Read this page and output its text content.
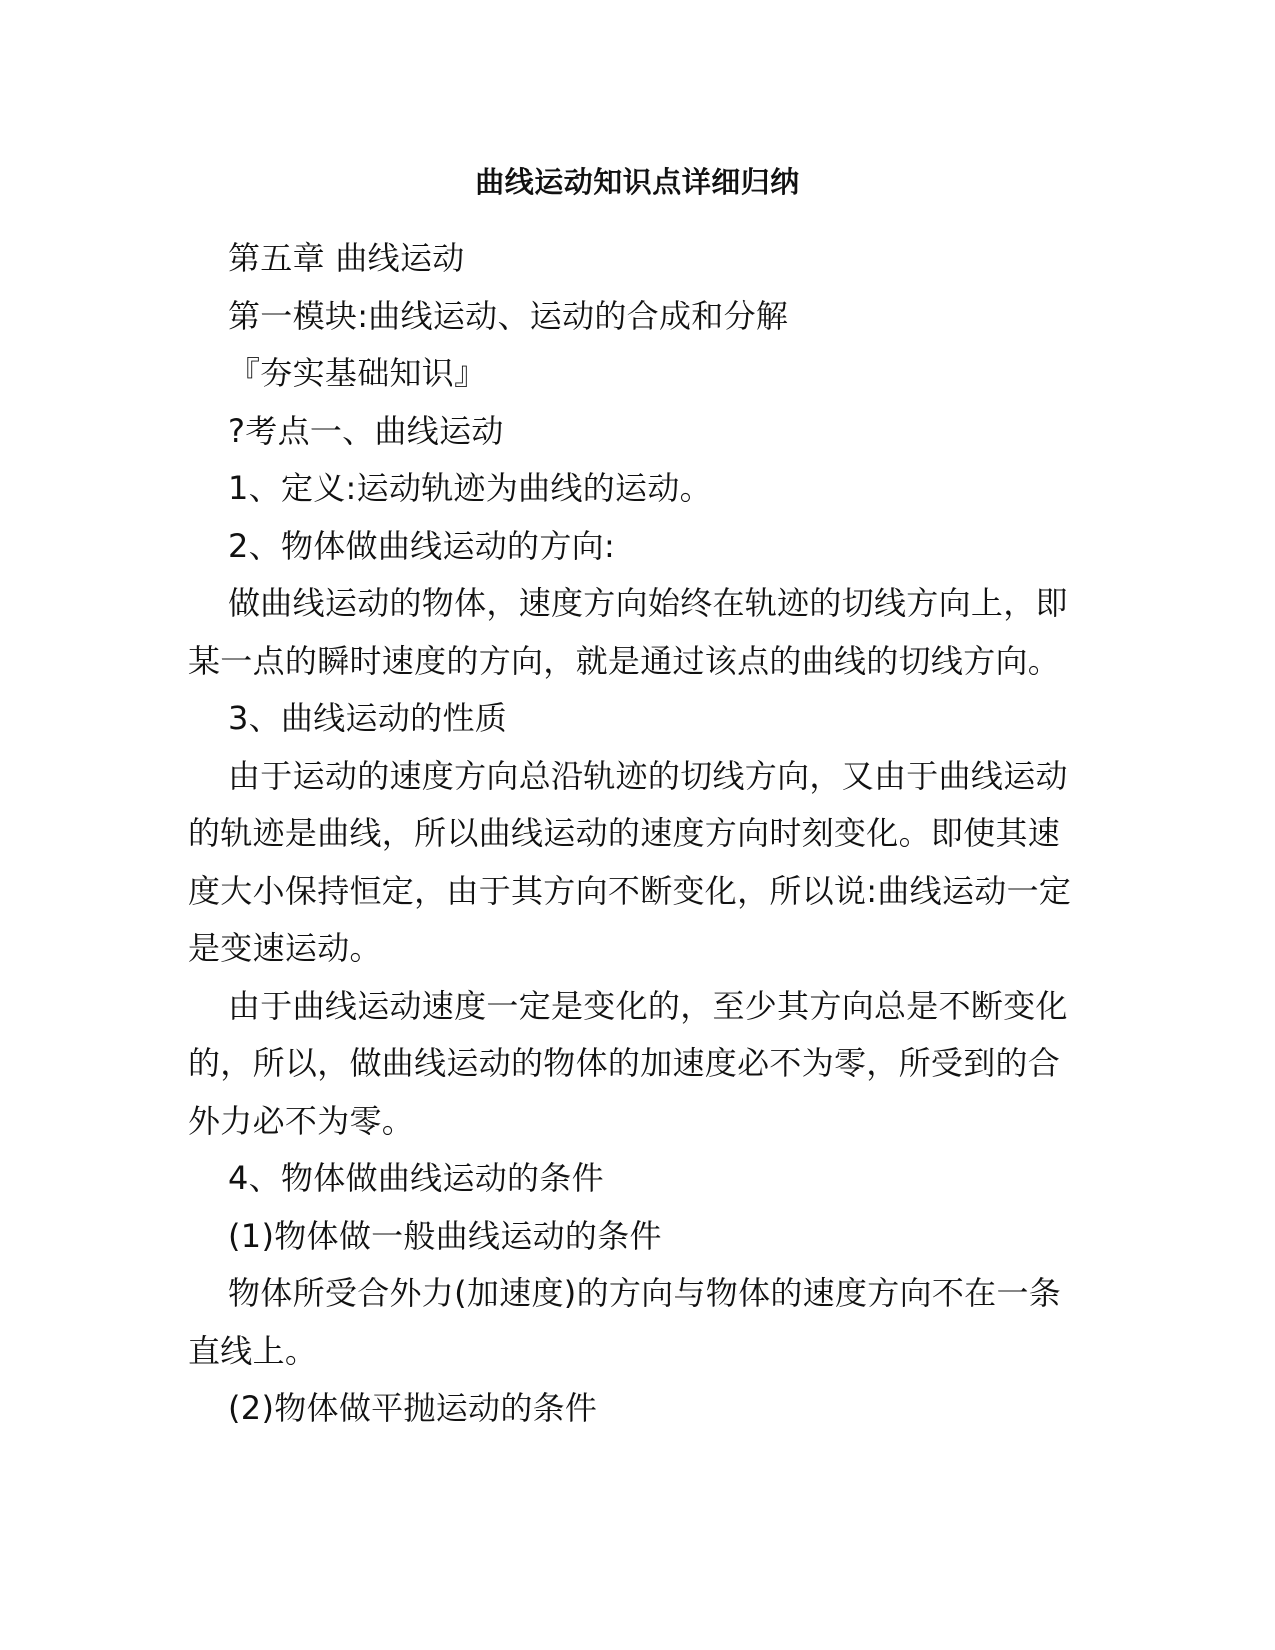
曲线运动知识点详细归纳

第五章 曲线运动

第一模块:曲线运动、运动的合成和分解

『夯实基础知识』

?考点一、曲线运动

1、定义:运动轨迹为曲线的运动。

2、物体做曲线运动的方向:

做曲线运动的物体，速度方向始终在轨迹的切线方向上，即某一点的瞬时速度的方向，就是通过该点的曲线的切线方向。

3、曲线运动的性质

由于运动的速度方向总沿轨迹的切线方向，又由于曲线运动的轨迹是曲线，所以曲线运动的速度方向时刻变化。即使其速度大小保持恒定，由于其方向不断变化，所以说:曲线运动一定是变速运动。

由于曲线运动速度一定是变化的，至少其方向总是不断变化的，所以，做曲线运动的物体的加速度必不为零，所受到的合外力必不为零。

4、物体做曲线运动的条件

(1)物体做一般曲线运动的条件

物体所受合外力(加速度)的方向与物体的速度方向不在一条直线上。

(2)物体做平抛运动的条件
